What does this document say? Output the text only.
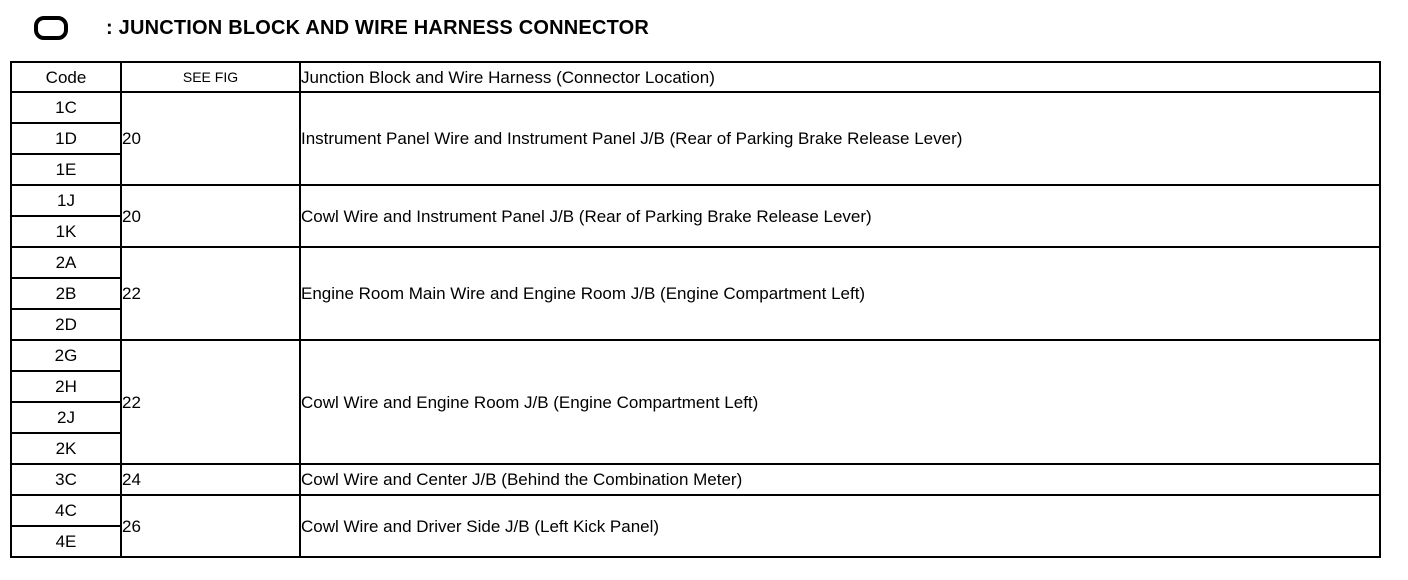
: JUNCTION BLOCK AND WIRE HARNESS CONNECTOR
Code	SEE FIG	Junction Block and Wire Harness (Connector Location)
1C	20	Instrument Panel Wire and Instrument Panel J/B (Rear of Parking Brake Release Lever)
1D		
1E		
1J	20	Cowl Wire and Instrument Panel J/B (Rear of Parking Brake Release Lever)
1K		
2A	22	Engine Room Main Wire and Engine Room J/B (Engine Compartment Left)
2B		
2D		
2G	22	Cowl Wire and Engine Room J/B (Engine Compartment Left)
2H		
2J		
2K		
3C	24	Cowl Wire and Center J/B (Behind the Combination Meter)
4C	26	Cowl Wire and Driver Side J/B (Left Kick Panel)
4E		
